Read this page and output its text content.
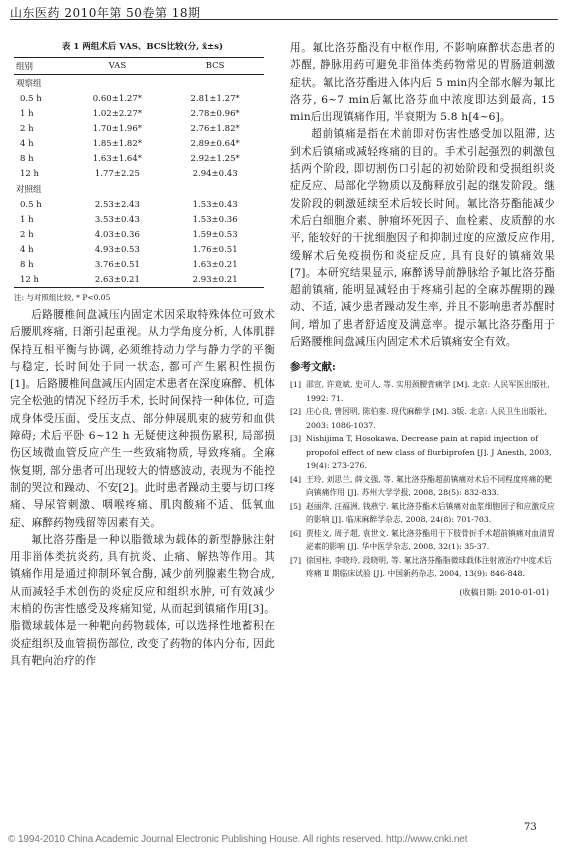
山东医药 2010年第 50卷第 18期
表 1 两组术后 VAS、BCS比较(分, x̄±s)
组别	VAS	BCS
观察组		
0.5 h	0.60±1.27*	2.81±1.27*
1 h	1.02±2.27*	2.78±0.96*
2 h	1.70±1.96*	2.76±1.82*
4 h	1.85±1.82*	2.89±0.64*
8 h	1.63±1.64*	2.92±1.25*
12 h	1.77±2.25	2.94±0.43
对照组		
0.5 h	2.53±2.43	1.53±0.43
1 h	3.53±0.43	1.53±0.36
2 h	4.03±0.36	1.59±0.53
4 h	4.93±0.53	1.76±0.51
8 h	3.76±0.51	1.63±0.21
12 h	2.63±0.21	2.93±0.21
注: 与对照组比较, * P<0.05

后路腰椎间盘减压内固定术因采取特殊体位可致术后腰肌疼痛, 日渐引起重视。从力学角度分析, 人体肌群保持互相平衡与协调, 必须维持动力学与静力学的平衡与稳定, 长时间处于同一状态, 都可产生累积性损伤[1]。后路腰椎间盘减压内固定术患者在深度麻醉、机体完全松弛的情况下经历手术, 长时间保持一种体位, 可造成身体受压面、受压支点、部分伸展肌束的疲劳和血供障碍; 术后平卧 6~12 h 无疑使这种损伤累积, 局部损伤区域微血管反应产生一些致痛物质, 导致疼痛。全麻恢复期, 部分患者可出现较大的情感波动, 表现为不能控制的哭泣和躁动、不安[2]。此时患者躁动主要与切口疼痛、导尿管刺激、咽喉疼痛、肌肉酸痛不适、低氧血症、麻醉药物残留等因素有关。

氟比洛芬酯是一种以脂微球为载体的新型静脉注射用非甾体类抗炎药, 具有抗炎、止痛、解热等作用。其镇痛作用是通过抑制环氧合酶, 减少前列腺素生物合成, 从而减轻手术创伤的炎症反应和组织水肿, 可有效减少末梢的伤害性感受及疼痛知觉, 从而起到镇痛作用[3]。脂微球载体是一种靶向药物载体, 可以选择性地蓄积在炎症组织及血管损伤部位, 改变了药物的体内分布, 因此具有靶向治疗的作

用。氟比洛芬酯没有中枢作用, 不影响麻醉状态患者的苏醒, 静脉用药可避免非甾体类药物常见的胃肠道刺激症状。氟比洛芬酯进入体内后 5 min内全部水解为氟比洛芬, 6~7 min后氟比洛芬血中浓度即达到最高, 15 min后出现镇痛作用, 半衰期为 5.8 h[4~6]。

超前镇痛是指在术前即对伤害性感受加以阻滞, 达到术后镇痛或减轻疼痛的目的。手术引起强烈的刺激包括两个阶段, 即切割伤口引起的初始阶段和受损组织炎症反应、局部化学物质以及酶释放引起的继发阶段。继发阶段的刺激延续至术后较长时间。氟比洛芬酯能减少术后白细胞介素、肿瘤坏死因子、血栓素、皮质醇的水平, 能较好的干扰细胞因子和抑制过度的应激反应作用, 缓解术后免疫损伤和炎症反应, 具有良好的镇痛效果[7]。本研究结果显示, 麻醉诱导前静脉给予氟比洛芬酯超前镇痛, 能明显减轻由于疼痛引起的全麻苏醒期的躁动、不适, 减少患者躁动发生率, 并且不影响患者苏醒时间, 增加了患者舒适度及满意率。提示氟比洛芬酯用于后路腰椎间盘减压内固定术术后镇痛安全有效。

参考文献:
[1] 邵宣, 许竟斌, 史可人, 等. 实用颈腰背痛学 [M]. 北京: 人民军医出版社, 1992: 71.
[2] 庄心良, 曾因明, 陈伯銮. 现代麻醉学 [M]. 3版. 北京: 人民卫生出版社, 2003: 1086-1037.
[3] Nishijima T, Hosokawa. Decrease pain at rapid injection of propofol effect of new class of flurbiprofen [J]. J Anesth, 2003, 19(4): 273-276.
[4] 王玲, 刘思兰, 薛文强, 等. 氟比洛芬酯超前镇痛对术后不同程度疼痛的靶向镇痛作用 [J]. 苏州大学学报, 2008, 28(5): 832-833.
[5] 赵丽萍, 汪福洲, 钱燕宁. 氟比洛芬酯术后镇痛对血浆细胞因子和应激反应的影响 [J]. 临床麻醉学杂志, 2008, 24(8): 701-703.
[6] 贾桂文, 周子超, 袁世文. 氟比洛芬酯用于下肢骨折手术超前镇痛对血清胃泌素的影响 [J]. 华中医学杂志, 2008, 32(1): 35-37.
[7] 徐国柱, 李晓玲, 段晓明, 等. 氟比洛芬酯脂微球载体注射液治疗中度术后疼痛 Ⅱ 期临床试验 [J]. 中国新药杂志, 2004, 13(9): 846-848.
(收稿日期: 2010-01-01)
73
© 1994-2010 China Academic Journal Electronic Publishing House. All rights reserved. http://www.cnki.net
